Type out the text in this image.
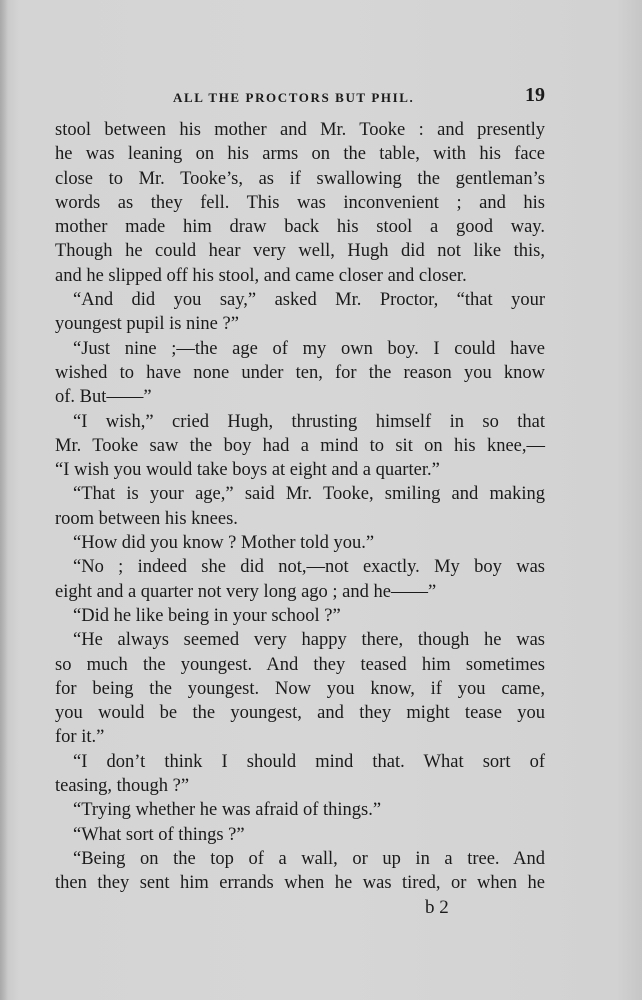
ALL THE PROCTORS BUT PHIL.	19
stool between his mother and Mr. Tooke : and presently
he was leaning on his arms on the table, with his face
close to Mr. Tooke’s, as if swallowing the gentleman’s
words as they fell. This was inconvenient ; and his
mother made him draw back his stool a good way.
Though he could hear very well, Hugh did not like this,
and he slipped off his stool, and came closer and closer.
“And did you say,” asked Mr. Proctor, “that your
youngest pupil is nine ?”
“Just nine ;—the age of my own boy. I could have
wished to have none under ten, for the reason you know
of. But——”
“I wish,” cried Hugh, thrusting himself in so that
Mr. Tooke saw the boy had a mind to sit on his knee,—
“I wish you would take boys at eight and a quarter.”
“That is your age,” said Mr. Tooke, smiling and making
room between his knees.
“How did you know ? Mother told you.”
“No ; indeed she did not,—not exactly. My boy was
eight and a quarter not very long ago ; and he——”
“Did he like being in your school ?”
“He always seemed very happy there, though he was
so much the youngest. And they teased him sometimes
for being the youngest. Now you know, if you came,
you would be the youngest, and they might tease you
for it.”
“I don’t think I should mind that. What sort of
teasing, though ?”
“Trying whether he was afraid of things.”
“What sort of things ?”
“Being on the top of a wall, or up in a tree. And
then they sent him errands when he was tired, or when he
b 2
